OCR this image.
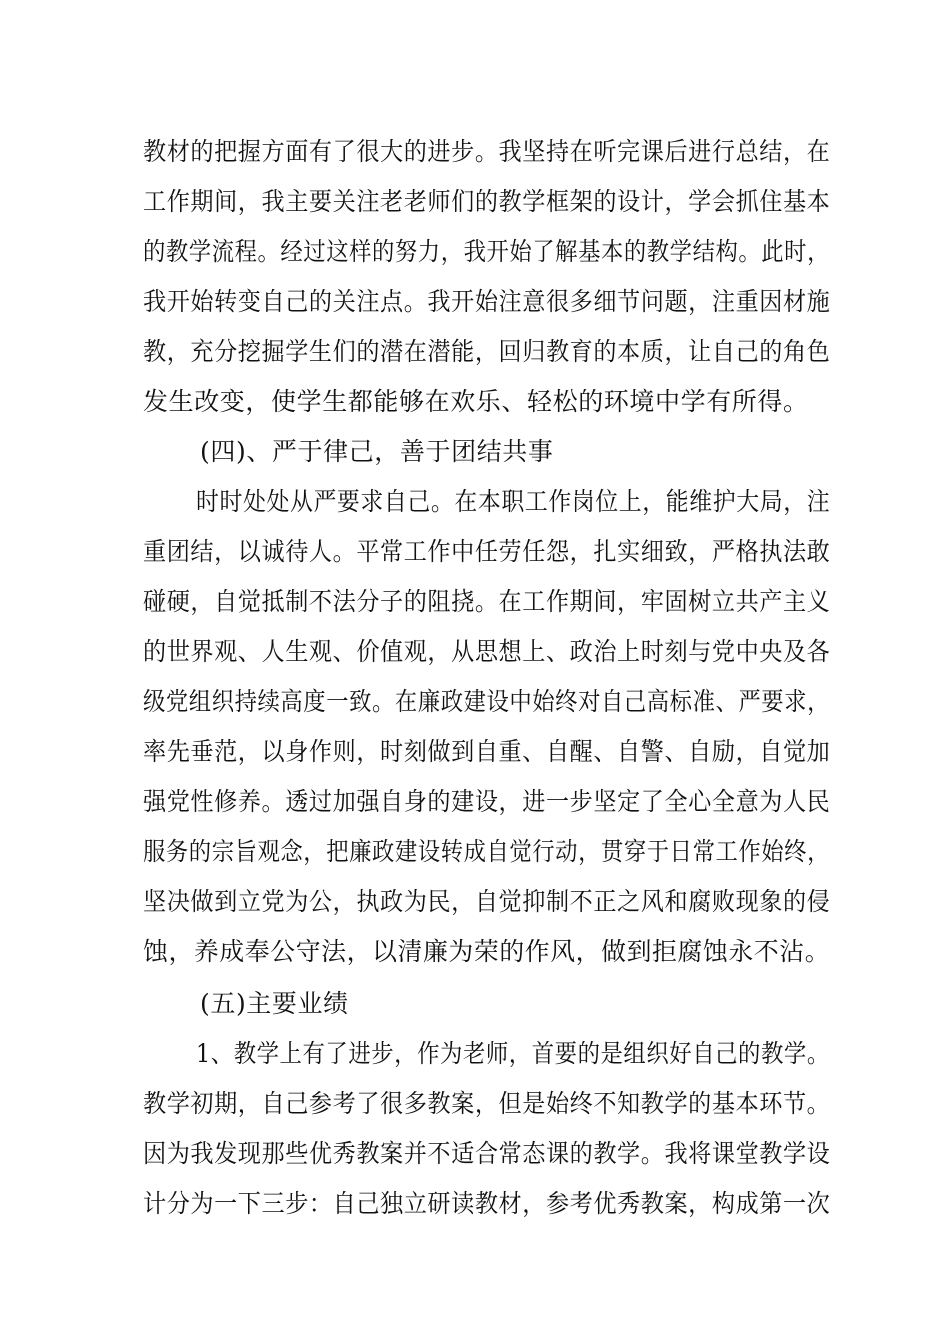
教材的把握方面有了很大的进步。我坚持在听完课后进行总结，在
工作期间，我主要关注老老师们的教学框架的设计，学会抓住基本
的教学流程。经过这样的努力，我开始了解基本的教学结构。此时，
我开始转变自己的关注点。我开始注意很多细节问题，注重因材施
教，充分挖掘学生们的潜在潜能，回归教育的本质，让自己的角色
发生改变，使学生都能够在欢乐、轻松的环境中学有所得。
(四)、严于律己，善于团结共事
时时处处从严要求自己。在本职工作岗位上，能维护大局，注
重团结，以诚待人。平常工作中任劳任怨，扎实细致，严格执法敢
碰硬，自觉抵制不法分子的阻挠。在工作期间，牢固树立共产主义
的世界观、人生观、价值观，从思想上、政治上时刻与党中央及各
级党组织持续高度一致。在廉政建设中始终对自己高标准、严要求，
率先垂范，以身作则，时刻做到自重、自醒、自警、自励，自觉加
强党性修养。透过加强自身的建设，进一步坚定了全心全意为人民
服务的宗旨观念，把廉政建设转成自觉行动，贯穿于日常工作始终，
坚决做到立党为公，执政为民，自觉抑制不正之风和腐败现象的侵
蚀，养成奉公守法，以清廉为荣的作风，做到拒腐蚀永不沾。
(五)主要业绩
1、教学上有了进步，作为老师，首要的是组织好自己的教学。
教学初期，自己参考了很多教案，但是始终不知教学的基本环节。
因为我发现那些优秀教案并不适合常态课的教学。我将课堂教学设
计分为一下三步：自己独立研读教材，参考优秀教案，构成第一次
